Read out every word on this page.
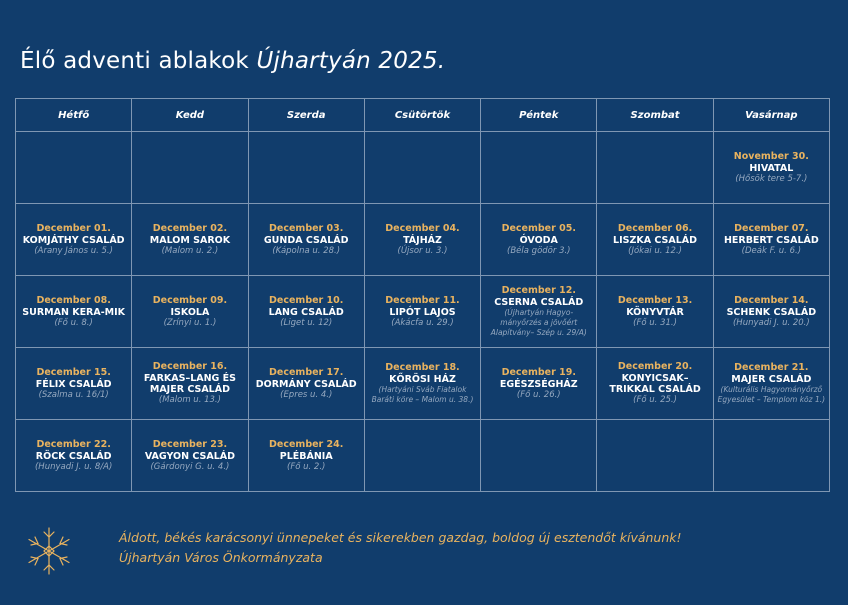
Élő adventi ablakok Újhartyán 2025.
Hétfő	Kedd	Szerda	Csütörtök	Péntek	Szombat	Vasárnap

						November 30.
HIVATAL
(Hősök tere 5-7.)

December 01.
KOMJÁTHY CSALÁD
(Arany János u. 5.)	December 02.
MALOM SAROK
(Malom u. 2.)	December 03.
GUNDA CSALÁD
(Kápolna u. 28.)	December 04.
TÁJHÁZ
(Újsor u. 3.)	December 05.
ÓVODA
(Béla gödör 3.)	December 06.
LISZKA CSALÁD
(Jókai u. 12.)	December 07.
HERBERT CSALÁD
(Deák F. u. 6.)

December 08.
SURMAN KERA-MIK
(Fő u. 8.)	December 09.
ISKOLA
(Zrínyi u. 1.)	December 10.
LANG CSALÁD
(Liget u. 12)	December 11.
LIPÓT LAJOS
(Akácfa u. 29.)	December 12.
CSERNA CSALÁD
(Újhartyán Hagyo-mányőrzés a jövőért Alapítvány– Szép u. 29/A)	December 13.
KÖNYVTÁR
(Fő u. 31.)	December 14.
SCHENK CSALÁD
(Hunyadi J. u. 20.)

December 15.
FÉLIX CSALÁD
(Szalma u. 16/1)	December 16.
FARKAS–LANG ÉS MAJER CSALÁD
(Malom u. 13.)	December 17.
DORMÁNY CSALÁD
(Epres u. 4.)	December 18.
KŐRÖSI HÁZ
(Hartyáni Sváb Fiatalok Baráti köre – Malom u. 38.)	December 19.
EGÉSZSÉGHÁZ
(Fő u. 26.)	December 20.
KONYICSAK–TRIKKAL CSALÁD
(Fő u. 25.)	December 21.
MAJER CSALÁD
(Kulturális Hagyományőrző Egyesület – Templom köz 1.)

December 22.
RÖCK CSALÁD
(Hunyadi J. u. 8/A)	December 23.
VAGYON CSALÁD
(Gárdonyi G. u. 4.)	December 24.
PLÉBÁNIA
(Fő u. 2.)				

Áldott, békés karácsonyi ünnepeket és sikerekben gazdag, boldog új esztendőt kívánunk!
Újhartyán Város Önkormányzata
